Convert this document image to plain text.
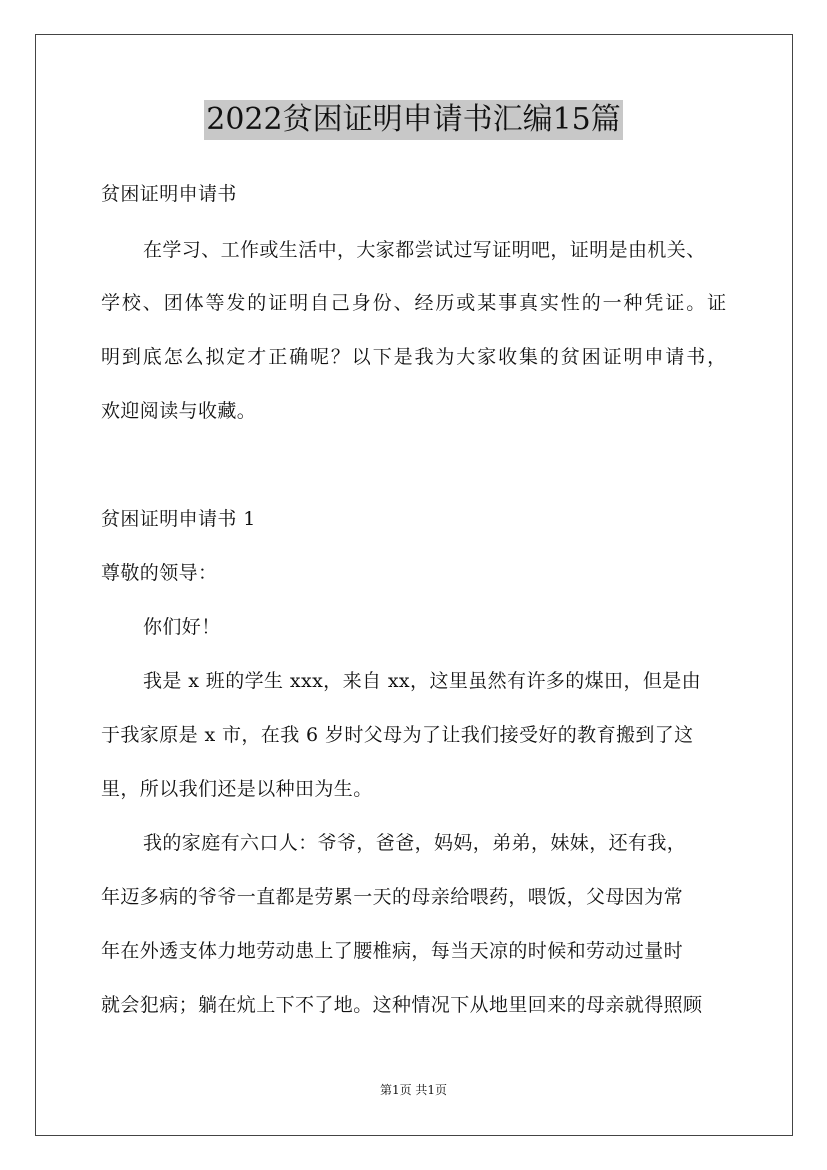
2022贫困证明申请书汇编15篇
贫困证明申请书
在学习、工作或生活中，大家都尝试过写证明吧，证明是由机关、
学校、团体等发的证明自己身份、经历或某事真实性的一种凭证。证
明到底怎么拟定才正确呢？以下是我为大家收集的贫困证明申请书，
欢迎阅读与收藏。
贫困证明申请书 1
尊敬的领导：
你们好！
我是 x 班的学生 xxx，来自 xx，这里虽然有许多的煤田，但是由
于我家原是 x 市，在我 6 岁时父母为了让我们接受好的教育搬到了这
里，所以我们还是以种田为生。
我的家庭有六口人：爷爷，爸爸，妈妈，弟弟，妹妹，还有我，
年迈多病的爷爷一直都是劳累一天的母亲给喂药，喂饭，父母因为常
年在外透支体力地劳动患上了腰椎病，每当天凉的时候和劳动过量时
就会犯病；躺在炕上下不了地。这种情况下从地里回来的母亲就得照顾
第1页 共1页
